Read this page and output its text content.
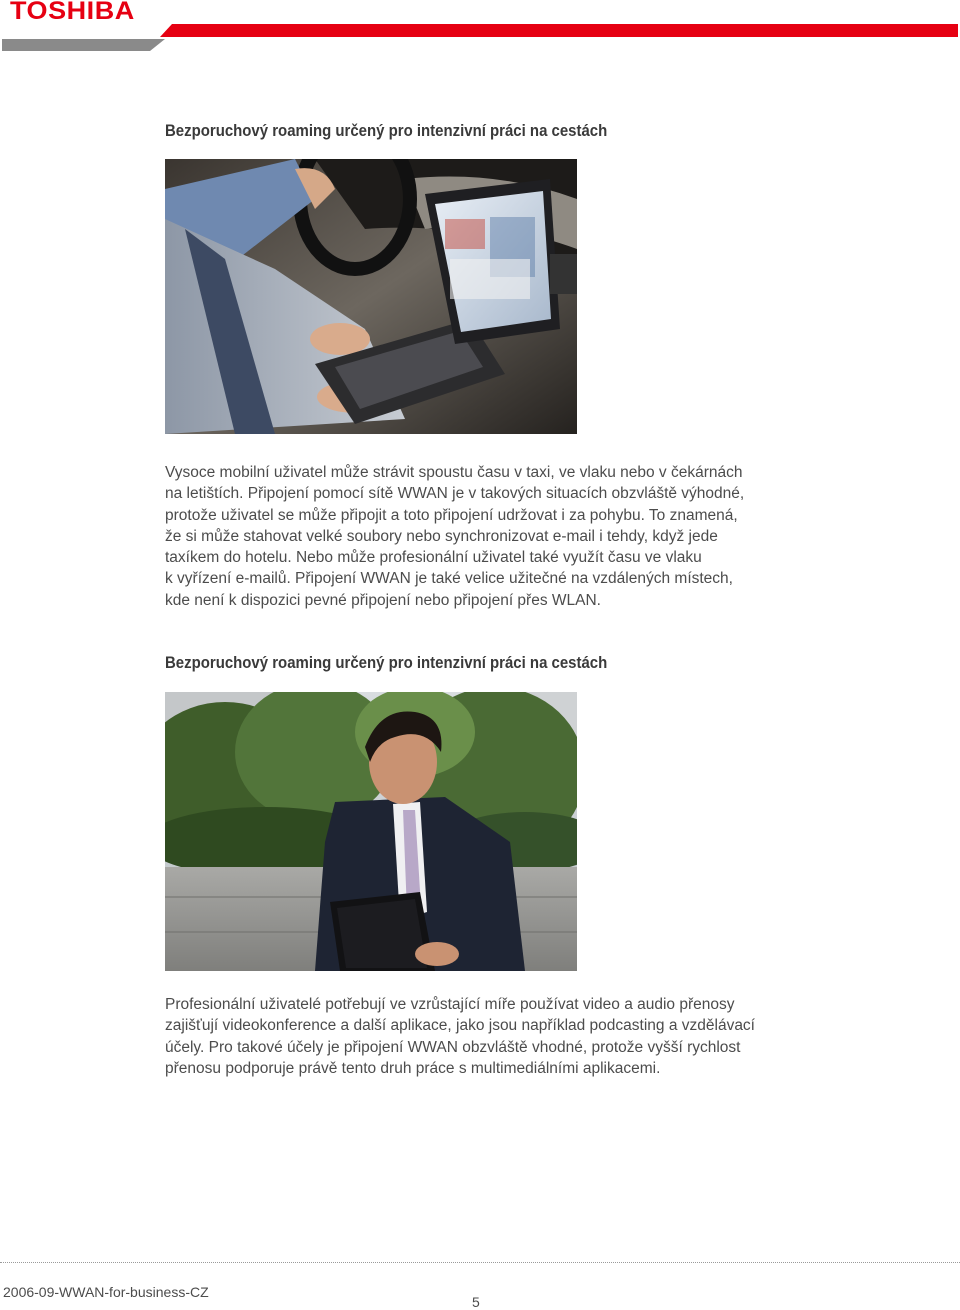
TOSHIBA
Bezporuchový roaming určený pro intenzivní práci na cestách
Vysoce mobilní uživatel může strávit spoustu času v taxi, ve vlaku nebo v čekárnách
na letištích. Připojení pomocí sítě WWAN je v takových situacích obzvláště výhodné,
protože uživatel se může připojit a toto připojení udržovat i za pohybu. To znamená,
že si může stahovat velké soubory nebo synchronizovat e-mail i tehdy, když jede
taxíkem do hotelu. Nebo může profesionální uživatel také využít času ve vlaku
k vyřízení e-mailů. Připojení WWAN je také velice užitečné na vzdálených místech,
kde není k dispozici pevné připojení nebo připojení přes WLAN.
Bezporuchový roaming určený pro intenzivní práci na cestách
Profesionální uživatelé potřebují ve vzrůstající míře používat video a audio přenosy
zajišťují videokonference a další aplikace, jako jsou například podcasting a vzdělávací
účely. Pro takové účely je připojení WWAN obzvláště vhodné, protože vyšší rychlost
přenosu podporuje právě tento druh práce s multimediálními aplikacemi.
2006-09-WWAN-for-business-CZ
5
